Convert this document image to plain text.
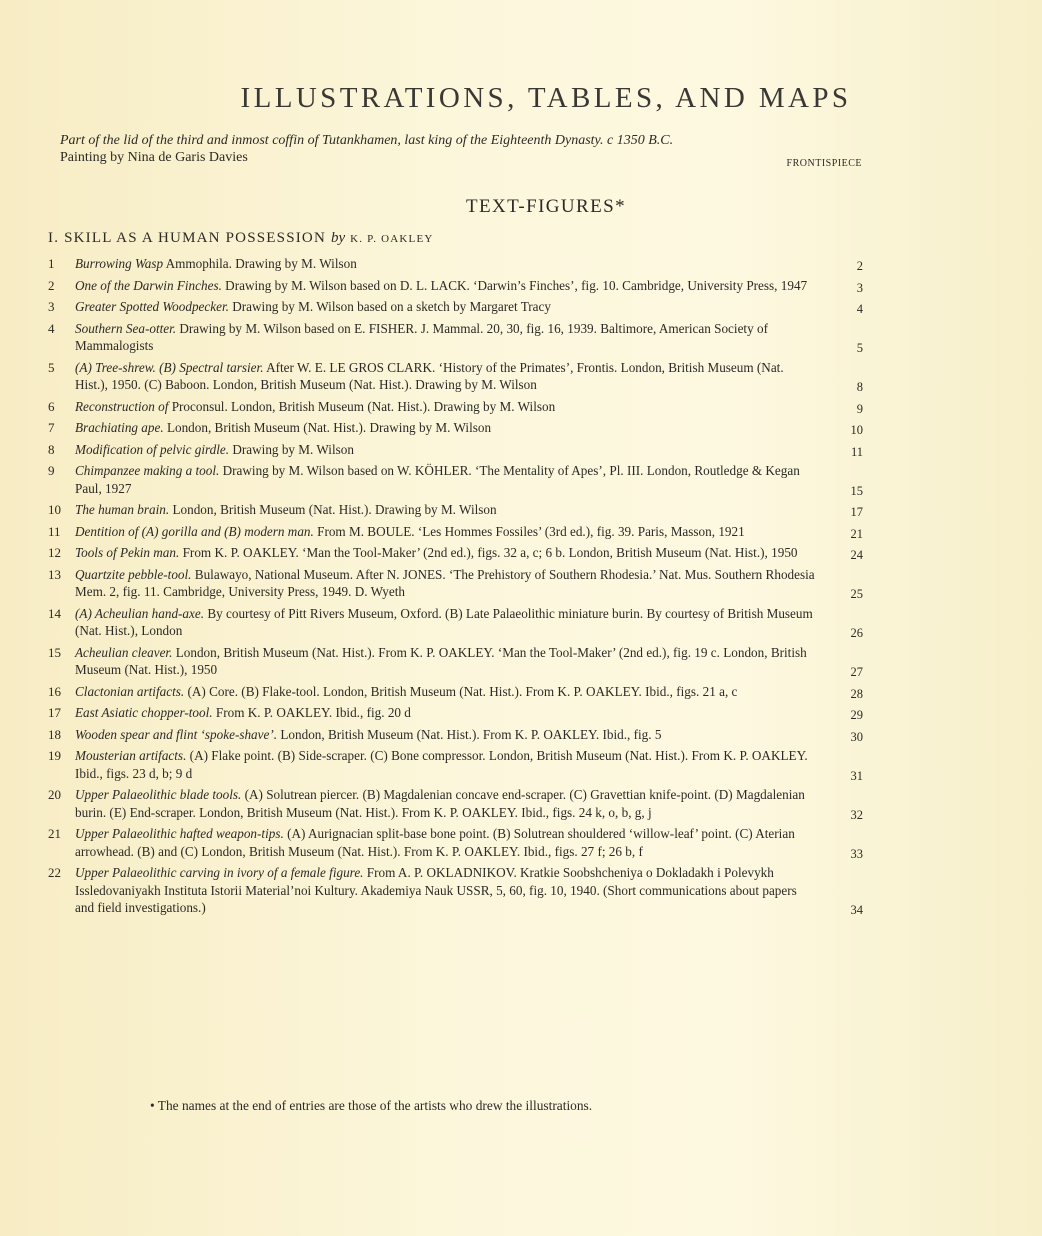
ILLUSTRATIONS, TABLES, AND MAPS
Part of the lid of the third and inmost coffin of Tutankhamen, last king of the Eighteenth Dynasty. c 1350 B.C.
Painting by Nina de Garis Davies	FRONTISPIECE
TEXT-FIGURES*
I. SKILL AS A HUMAN POSSESSION by K. P. OAKLEY
1	Burrowing Wasp Ammophila. Drawing by M. Wilson	2
2	One of the Darwin Finches. Drawing by M. Wilson based on D. L. LACK. ‘Darwin’s Finches’, fig. 10. Cambridge, University Press, 1947	3
3	Greater Spotted Woodpecker. Drawing by M. Wilson based on a sketch by Margaret Tracy	4
4	Southern Sea-otter. Drawing by M. Wilson based on E. FISHER. J. Mammal. 20, 30, fig. 16, 1939. Baltimore, American Society of Mammalogists	5
5	(A) Tree-shrew. (B) Spectral tarsier. After W. E. LE GROS CLARK. ‘History of the Primates’, Frontis. London, British Museum (Nat. Hist.), 1950. (C) Baboon. London, British Museum (Nat. Hist.). Drawing by M. Wilson	8
6	Reconstruction of Proconsul. London, British Museum (Nat. Hist.). Drawing by M. Wilson	9
7	Brachiating ape. London, British Museum (Nat. Hist.). Drawing by M. Wilson	10
8	Modification of pelvic girdle. Drawing by M. Wilson	11
9	Chimpanzee making a tool. Drawing by M. Wilson based on W. KÖHLER. ‘The Mentality of Apes’, Pl. III. London, Routledge & Kegan Paul, 1927	15
10	The human brain. London, British Museum (Nat. Hist.). Drawing by M. Wilson	17
11	Dentition of (A) gorilla and (B) modern man. From M. BOULE. ‘Les Hommes Fossiles’ (3rd ed.), fig. 39. Paris, Masson, 1921	21
12	Tools of Pekin man. From K. P. OAKLEY. ‘Man the Tool-Maker’ (2nd ed.), figs. 32 a, c; 6 b. London, British Museum (Nat. Hist.), 1950	24
13	Quartzite pebble-tool. Bulawayo, National Museum. After N. JONES. ‘The Prehistory of Southern Rhodesia.’ Nat. Mus. Southern Rhodesia Mem. 2, fig. 11. Cambridge, University Press, 1949. D. Wyeth	25
14	(A) Acheulian hand-axe. By courtesy of Pitt Rivers Museum, Oxford. (B) Late Palaeolithic miniature burin. By courtesy of British Museum (Nat. Hist.), London	26
15	Acheulian cleaver. London, British Museum (Nat. Hist.). From K. P. OAKLEY. ‘Man the Tool-Maker’ (2nd ed.), fig. 19 c. London, British Museum (Nat. Hist.), 1950	27
16	Clactonian artifacts. (A) Core. (B) Flake-tool. London, British Museum (Nat. Hist.). From K. P. OAKLEY. Ibid., figs. 21 a, c	28
17	East Asiatic chopper-tool. From K. P. OAKLEY. Ibid., fig. 20 d	29
18	Wooden spear and flint ‘spoke-shave’. London, British Museum (Nat. Hist.). From K. P. OAKLEY. Ibid., fig. 5	30
19	Mousterian artifacts. (A) Flake point. (B) Side-scraper. (C) Bone compressor. London, British Museum (Nat. Hist.). From K. P. OAKLEY. Ibid., figs. 23 d, b; 9 d	31
20	Upper Palaeolithic blade tools. (A) Solutrean piercer. (B) Magdalenian concave end-scraper. (C) Gravettian knife-point. (D) Magdalenian burin. (E) End-scraper. London, British Museum (Nat. Hist.). From K. P. OAKLEY. Ibid., figs. 24 k, o, b, g, j	32
21	Upper Palaeolithic hafted weapon-tips. (A) Aurignacian split-base bone point. (B) Solutrean shouldered ‘willow-leaf’ point. (C) Aterian arrowhead. (B) and (C) London, British Museum (Nat. Hist.). From K. P. OAKLEY. Ibid., figs. 27 f; 26 b, f	33
22	Upper Palaeolithic carving in ivory of a female figure. From A. P. OKLADNIKOV. Kratkie Soobshcheniya o Dokladakh i Polevykh Issledovaniyakh Instituta Istorii Material’noi Kultury. Akademiya Nauk USSR, 5, 60, fig. 10, 1940. (Short communications about papers and field investigations.)	34
• The names at the end of entries are those of the artists who drew the illustrations.
